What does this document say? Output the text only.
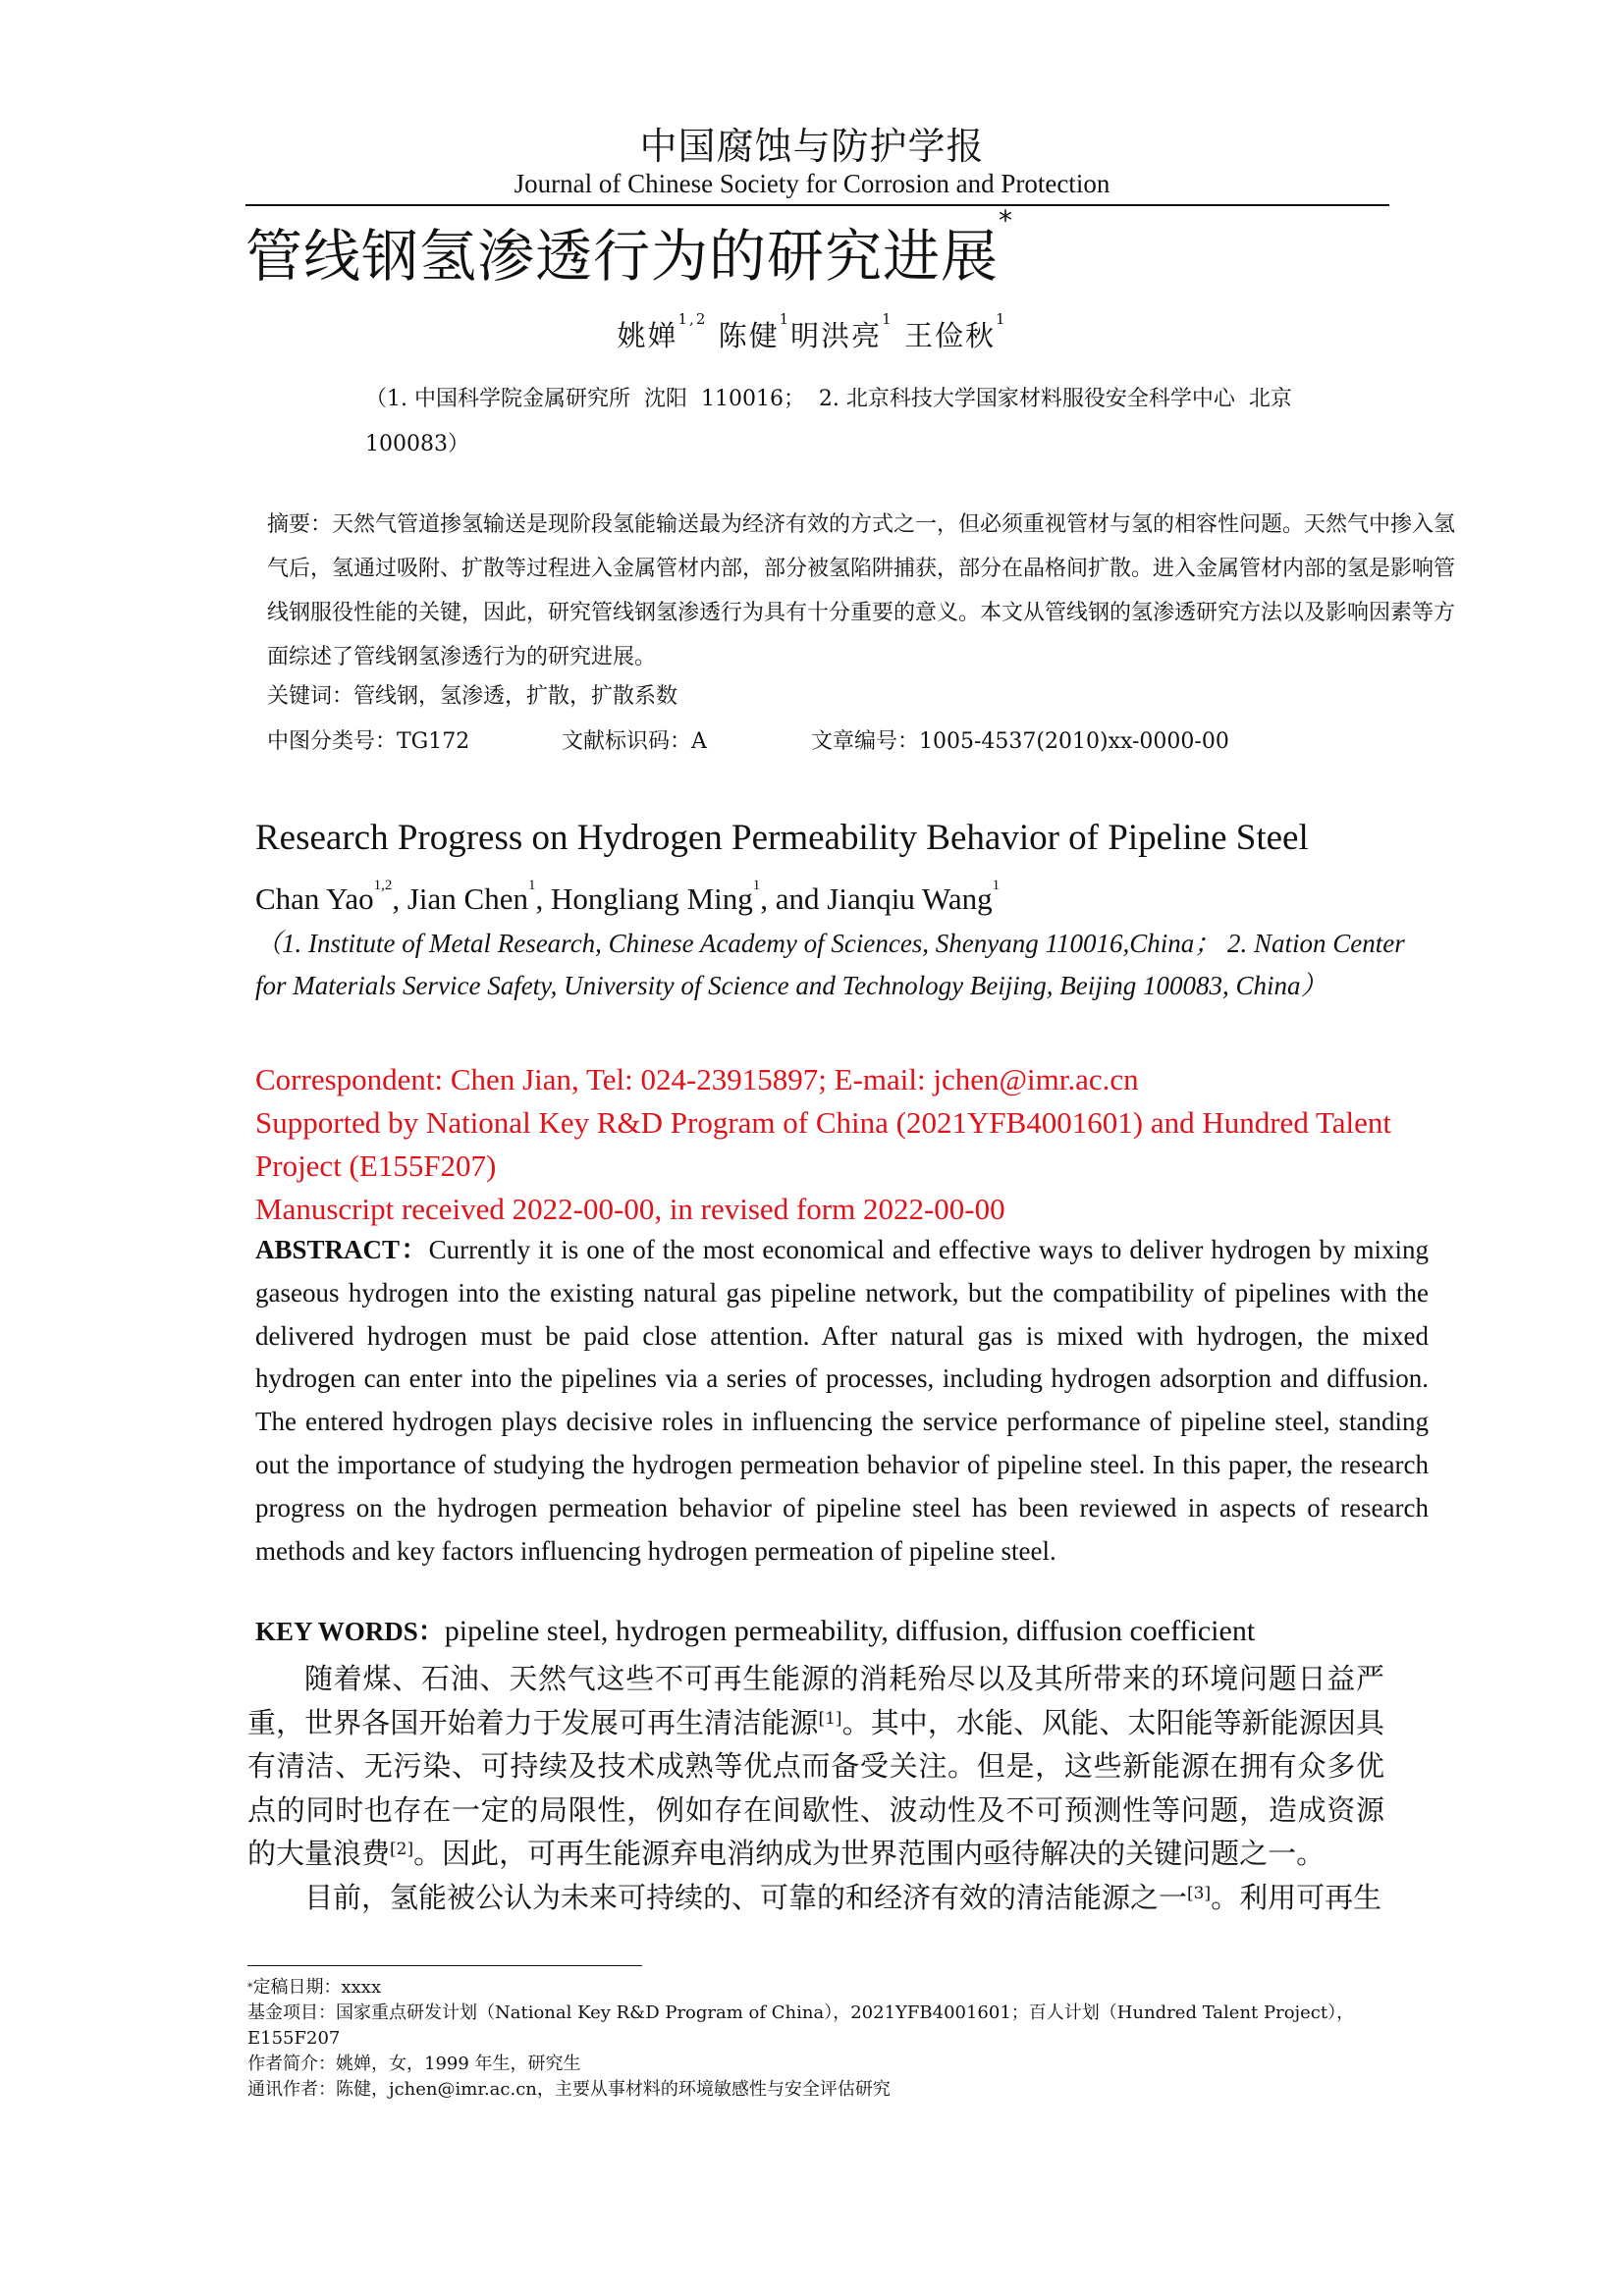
中国腐蚀与防护学报
Journal of Chinese Society for Corrosion and Protection
管线钢氢渗透行为的研究进展*
姚婵$^{1,2}$ 陈健$^1$明洪亮$^1$ 王俭秋$^1$
（1. 中国科学院金属研究所  沈阳  110016；  2. 北京科技大学国家材料服役安全科学中心  北京  100083）
摘要：天然气管道掺氢输送是现阶段氢能输送最为经济有效的方式之一，但必须重视管材与氢的相容性问题。天然气中掺入氢气后，氢通过吸附、扩散等过程进入金属管材内部，部分被氢陷阱捕获，部分在晶格间扩散。进入金属管材内部的氢是影响管线钢服役性能的关键，因此，研究管线钢氢渗透行为具有十分重要的意义。本文从管线钢的氢渗透研究方法以及影响因素等方面综述了管线钢氢渗透行为的研究进展。
关键词：管线钢，氢渗透，扩散，扩散系数
中图分类号：TG172	文献标识码：A	文章编号：1005-4537(2010)xx-0000-00
Research Progress on Hydrogen Permeability Behavior of Pipeline Steel
Chan Yao$^{1,2}$, Jian Chen$^1$, Hongliang Ming$^1$, and Jianqiu Wang$^1$
（1. Institute of Metal Research, Chinese Academy of Sciences, Shenyang 110016,China； 2. Nation Center for Materials Service Safety, University of Science and Technology Beijing, Beijing 100083, China）
Correspondent: Chen Jian, Tel: 024-23915897; E-mail: jchen@imr.ac.cn
Supported by National Key R&D Program of China (2021YFB4001601) and Hundred Talent Project (E155F207)
Manuscript received 2022-00-00, in revised form 2022-00-00
ABSTRACT：Currently it is one of the most economical and effective ways to deliver hydrogen by mixing gaseous hydrogen into the existing natural gas pipeline network, but the compatibility of pipelines with the delivered hydrogen must be paid close attention. After natural gas is mixed with hydrogen, the mixed hydrogen can enter into the pipelines via a series of processes, including hydrogen adsorption and diffusion. The entered hydrogen plays decisive roles in influencing the service performance of pipeline steel, standing out the importance of studying the hydrogen permeation behavior of pipeline steel. In this paper, the research progress on the hydrogen permeation behavior of pipeline steel has been reviewed in aspects of research methods and key factors influencing hydrogen permeation of pipeline steel.
KEY WORDS：pipeline steel, hydrogen permeability, diffusion, diffusion coefficient

随着煤、石油、天然气这些不可再生能源的消耗殆尽以及其所带来的环境问题日益严重，世界各国开始着力于发展可再生清洁能源[1]。其中，水能、风能、太阳能等新能源因具有清洁、无污染、可持续及技术成熟等优点而备受关注。但是，这些新能源在拥有众多优点的同时也存在一定的局限性，例如存在间歇性、波动性及不可预测性等问题，造成资源的大量浪费[2]。因此，可再生能源弃电消纳成为世界范围内亟待解决的关键问题之一。

目前，氢能被公认为未来可持续的、可靠的和经济有效的清洁能源之一[3]。利用可再生

*定稿日期：xxxx
基金项目：国家重点研发计划（National Key R&D Program of China），2021YFB4001601；百人计划（Hundred Talent Project），E155F207
作者简介：姚婵，女，1999 年生，研究生
通讯作者：陈健，jchen@imr.ac.cn，主要从事材料的环境敏感性与安全评估研究
